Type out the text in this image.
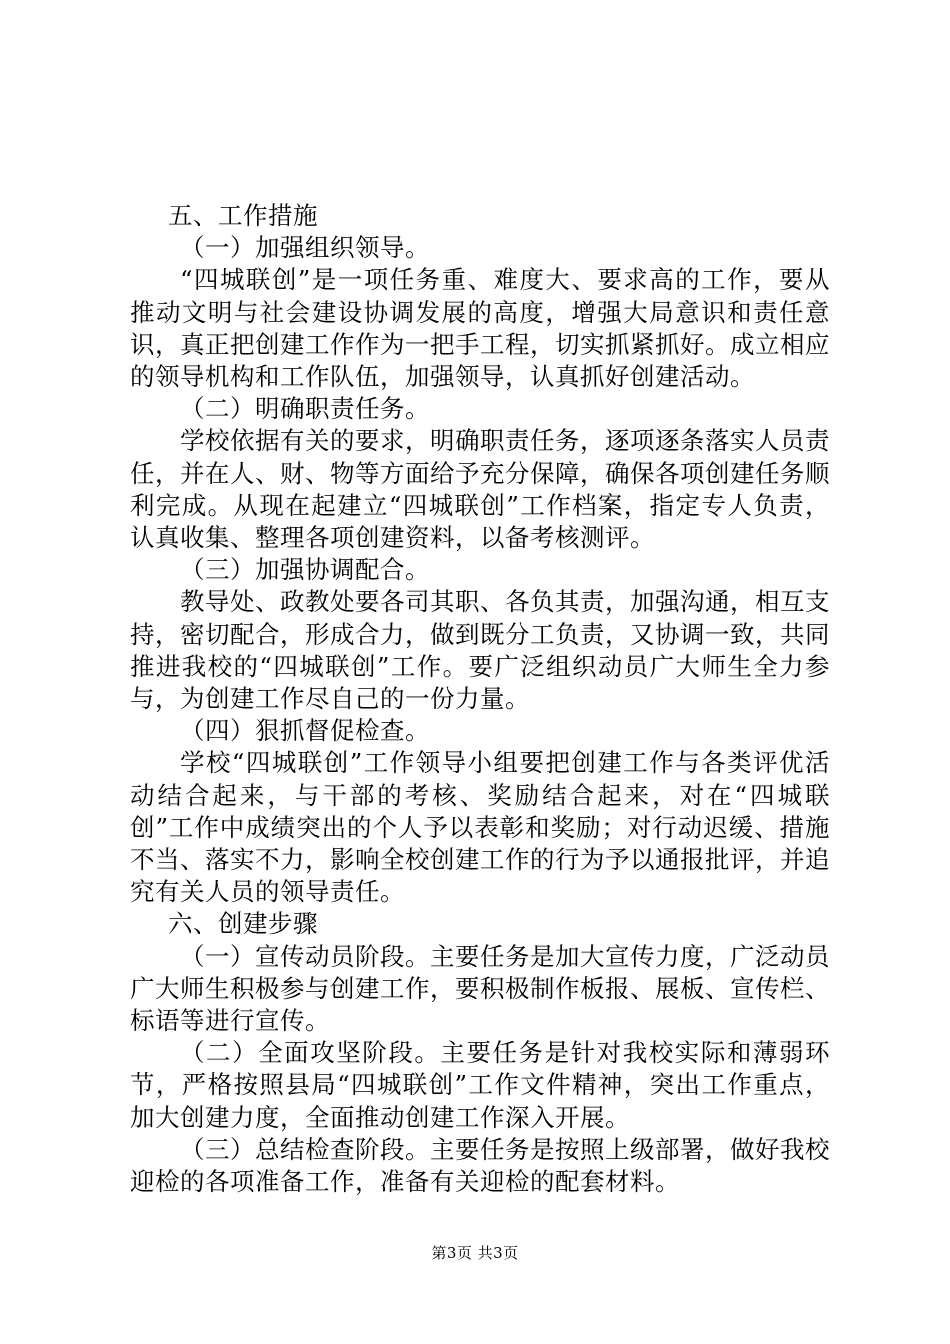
五、工作措施

（一）加强组织领导。

“四城联创”是一项任务重、难度大、要求高的工作，要从推动文明与社会建设协调发展的高度，增强大局意识和责任意识，真正把创建工作作为一把手工程，切实抓紧抓好。成立相应的领导机构和工作队伍，加强领导，认真抓好创建活动。

（二）明确职责任务。

学校依据有关的要求，明确职责任务，逐项逐条落实人员责任，并在人、财、物等方面给予充分保障，确保各项创建任务顺利完成。从现在起建立“四城联创”工作档案，指定专人负责，认真收集、整理各项创建资料，以备考核测评。

（三）加强协调配合。

教导处、政教处要各司其职、各负其责，加强沟通，相互支持，密切配合，形成合力，做到既分工负责，又协调一致，共同推进我校的“四城联创”工作。要广泛组织动员广大师生全力参与，为创建工作尽自己的一份力量。

（四）狠抓督促检查。

学校“四城联创”工作领导小组要把创建工作与各类评优活动结合起来，与干部的考核、奖励结合起来，对在“四城联创”工作中成绩突出的个人予以表彰和奖励；对行动迟缓、措施不当、落实不力，影响全校创建工作的行为予以通报批评，并追究有关人员的领导责任。

六、创建步骤

（一）宣传动员阶段。主要任务是加大宣传力度，广泛动员广大师生积极参与创建工作，要积极制作板报、展板、宣传栏、标语等进行宣传。

（二）全面攻坚阶段。主要任务是针对我校实际和薄弱环节，严格按照县局“四城联创”工作文件精神，突出工作重点，加大创建力度，全面推动创建工作深入开展。

（三）总结检查阶段。主要任务是按照上级部署，做好我校迎检的各项准备工作，准备有关迎检的配套材料。

第3页 共3页
